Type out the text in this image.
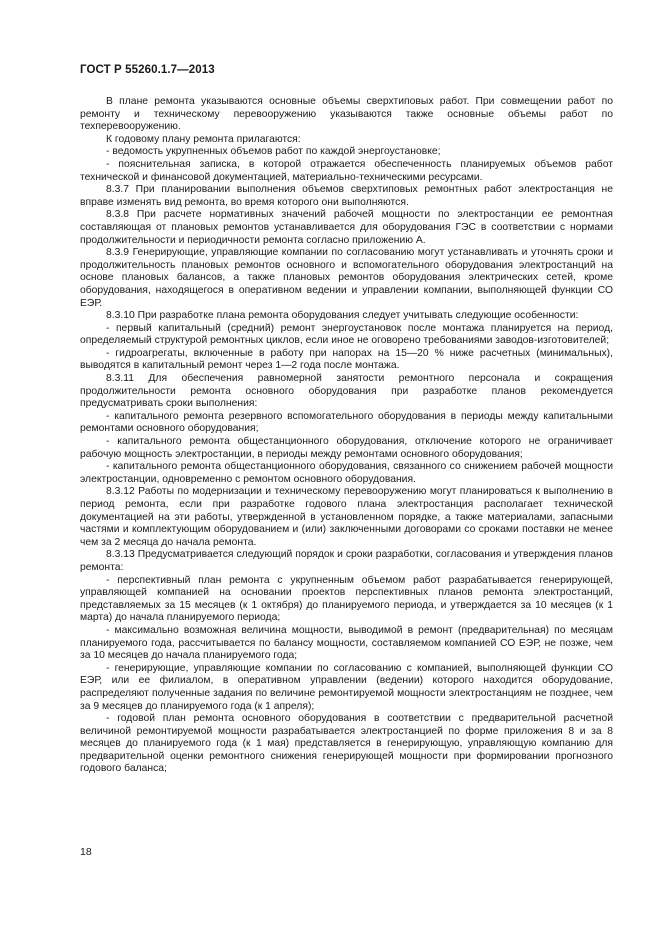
ГОСТ Р 55260.1.7—2013

В плане ремонта указываются основные объемы сверхтиповых работ. При совмещении работ по ремонту и техническому перевооружению указываются также основные объемы работ по техперевооружению.

К годовому плану ремонта прилагаются:

- ведомость укрупненных объемов работ по каждой энергоустановке;

- пояснительная записка, в которой отражается обеспеченность планируемых объемов работ технической и финансовой документацией, материально-техническими ресурсами.

8.3.7 При планировании выполнения объемов сверхтиповых ремонтных работ электростанция не вправе изменять вид ремонта, во время которого они выполняются.

8.3.8 При расчете нормативных значений рабочей мощности по электростанции ее ремонтная составляющая от плановых ремонтов устанавливается для оборудования ГЭС в соответствии с нормами продолжительности и периодичности ремонта согласно приложению А.

8.3.9 Генерирующие, управляющие компании по согласованию могут устанавливать и уточнять сроки и продолжительность плановых ремонтов основного и вспомогательного оборудования электростанций на основе плановых балансов, а также плановых ремонтов оборудования электрических сетей, кроме оборудования, находящегося в оперативном ведении и управлении компании, выполняющей функции СО ЕЭР.

8.3.10 При разработке плана ремонта оборудования следует учитывать следующие особенности:

- первый капитальный (средний) ремонт энергоустановок после монтажа планируется на период, определяемый структурой ремонтных циклов, если иное не оговорено требованиями заводов-изготовителей;

- гидроагрегаты, включенные в работу при напорах на 15—20 % ниже расчетных (минимальных), выводятся в капитальный ремонт через 1—2 года после монтажа.

8.3.11 Для обеспечения равномерной занятости ремонтного персонала и сокращения продолжительности ремонта основного оборудования при разработке планов рекомендуется предусматривать сроки выполнения:

- капитального ремонта резервного вспомогательного оборудования в периоды между капитальными ремонтами основного оборудования;

- капитального ремонта общестанционного оборудования, отключение которого не ограничивает рабочую мощность электростанции, в периоды между ремонтами основного оборудования;

- капитального ремонта общестанционного оборудования, связанного со снижением рабочей мощности электростанции, одновременно с ремонтом основного оборудования.

8.3.12 Работы по модернизации и техническому перевооружению могут планироваться к выполнению в период ремонта, если при разработке годового плана электростанция располагает технической документацией на эти работы, утвержденной в установленном порядке, а также материалами, запасными частями и комплектующим оборудованием и (или) заключенными договорами со сроками поставки не менее чем за 2 месяца до начала ремонта.

8.3.13 Предусматривается следующий порядок и сроки разработки, согласования и утверждения планов ремонта:

- перспективный план ремонта с укрупненным объемом работ разрабатывается генерирующей, управляющей компанией на основании проектов перспективных планов ремонта электростанций, представляемых за 15 месяцев (к 1 октября) до планируемого периода, и утверждается за 10 месяцев (к 1 марта) до начала планируемого периода;

- максимально возможная величина мощности, выводимой в ремонт (предварительная) по месяцам планируемого года, рассчитывается по балансу мощности, составляемом компанией СО ЕЭР, не позже, чем за 10 месяцев до начала планируемого года;

- генерирующие, управляющие компании по согласованию с компанией, выполняющей функции СО ЕЭР, или ее филиалом, в оперативном управлении (ведении) которого находится оборудование, распределяют полученные задания по величине ремонтируемой мощности электростанциям не позднее, чем за 9 месяцев до планируемого года (к 1 апреля);

- годовой план ремонта основного оборудования в соответствии с предварительной расчетной величиной ремонтируемой мощности разрабатывается электростанцией по форме приложения 8 и за 8 месяцев до планируемого года (к 1 мая) представляется в генерирующую, управляющую компанию для предварительной оценки ремонтного снижения генерирующей мощности при формировании прогнозного годового баланса;

18
